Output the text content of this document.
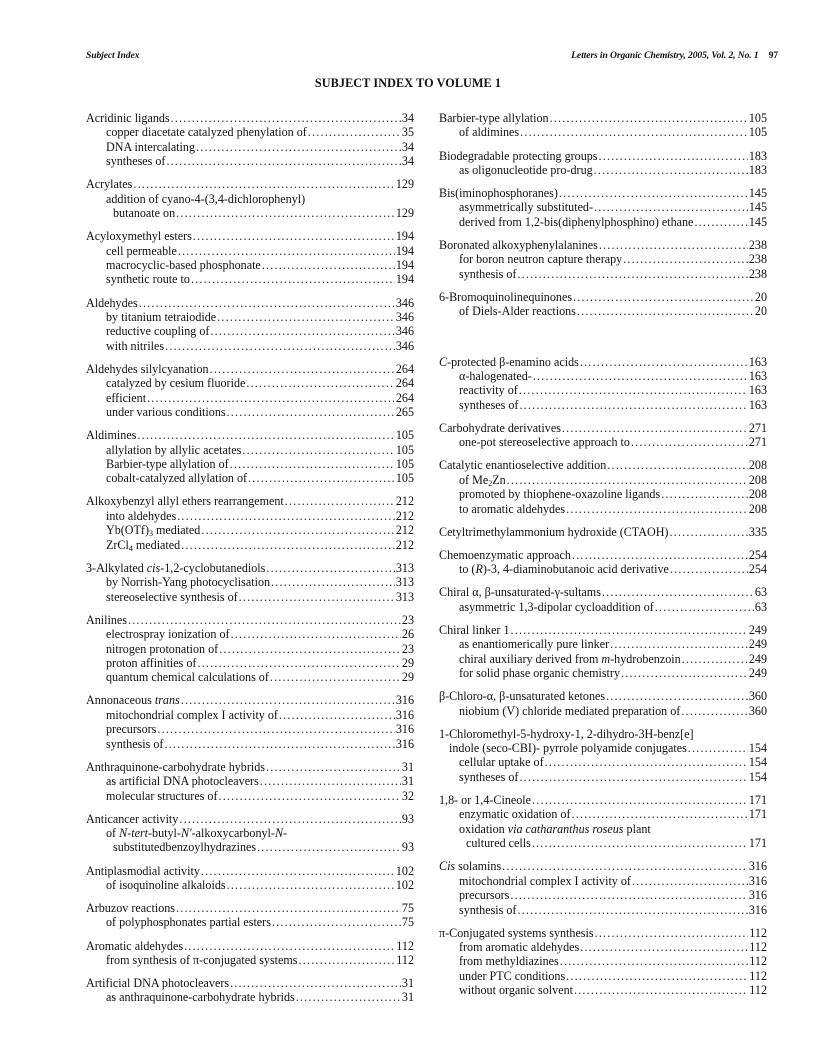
Subject Index	Letters in Organic Chemistry, 2005, Vol. 2, No. 1 97
SUBJECT INDEX TO VOLUME 1
Acridinic ligands .....	34
copper diacetate catalyzed phenylation of .....	35
DNA intercalating .....	34
syntheses of .....	34
Acrylates .....	129
addition of cyano-4-(3,4-dichlorophenyl)
butanoate on .....	129
Acyloxymethyl esters .....	194
cell permeable .....	194
macrocyclic-based phosphonate .....	194
synthetic route to .....	194
Aldehydes .....	346
by titanium tetraiodide .....	346
reductive coupling of .....	346
with nitriles .....	346
Aldehydes silylcyanation .....	264
catalyzed by cesium fluoride .....	264
efficient .....	264
under various conditions .....	265
Aldimines .....	105
allylation by allylic acetates .....	105
Barbier-type allylation of .....	105
cobalt-catalyzed allylation of .....	105
Alkoxybenzyl allyl ethers rearrangement .....	212
into aldehydes .....	212
$Yb(OTf)_3$ mediated .....	212
ZrCl$_4$ mediated .....	212
3-Alkylated cis-1,2-cyclobutanediols .....	313
by Norrish-Yang photocyclisation .....	313
stereoselective synthesis of .....	313
Anilines .....	23
electrospray ionization of .....	26
nitrogen protonation of .....	23
proton affinities of .....	29
quantum chemical calculations of .....	29
Annonaceous trans .....	316
mitochondrial complex I activity of .....	316
precursors .....	316
synthesis of .....	316
Anthraquinone-carbohydrate hybrids .....	31
as artificial DNA photocleavers .....	31
molecular structures of .....	32
Anticancer activity .....	93
of N-tert-butyl-N′-alkoxycarbonyl-N-
substitutedbenzoylhydrazines .....	93
Antiplasmodial activity .....	102
of isoquinoline alkaloids .....	102
Arbuzov reactions .....	75
of polyphosphonates partial esters .....	75
Aromatic aldehydes .....	112
from synthesis of π-conjugated systems .....	112
Artificial DNA photocleavers .....	31
as anthraquinone-carbohydrate hybrids .....	31
Barbier-type allylation .....	105
of aldimines .....	105
Biodegradable protecting groups .....	183
as oligonucleotide pro-drug .....	183
Bis(iminophosphoranes) .....	145
asymmetrically substituted- .....	145
derived from 1,2-bis(diphenylphosphino) ethane .....	145
Boronated alkoxyphenylalanines .....	238
for boron neutron capture therapy .....	238
synthesis of .....	238
6-Bromoquinolinequinones .....	20
of Diels-Alder reactions .....	20
C-protected β-enamino acids .....	163
α-halogenated- .....	163
reactivity of .....	163
syntheses of .....	163
Carbohydrate derivatives .....	271
one-pot stereoselective approach to .....	271
Catalytic enantioselective addition .....	208
of $Me_2Zn$ .....	208
promoted by thiophene-oxazoline ligands .....	208
to aromatic aldehydes .....	208
Cetyltrimethylammonium hydroxide (CTAOH) .....	335
Chemoenzymatic approach .....	254
to (R)-3, 4-diaminobutanoic acid derivative .....	254
Chiral α, β-unsaturated-γ-sultams .....	63
asymmetric 1,3-dipolar cycloaddition of .....	63
Chiral linker 1 .....	249
as enantiomerically pure linker .....	249
chiral auxiliary derived from m-hydrobenzoin .....	249
for solid phase organic chemistry .....	249
β-Chloro-α, β-unsaturated ketones .....	360
niobium (V) chloride mediated preparation of .....	360
1-Chloromethyl-5-hydroxy-1, 2-dihydro-3H-benz[e]
indole (seco-CBI)- pyrrole polyamide conjugates .....	154
cellular uptake of .....	154
syntheses of .....	154
1,8- or 1,4-Cineole .....	171
enzymatic oxidation of .....	171
oxidation via catharanthus roseus plant
cultured cells .....	171
Cis solamins .....	316
mitochondrial complex I activity of .....	316
precursors .....	316
synthesis of .....	316
π-Conjugated systems synthesis .....	112
from aromatic aldehydes .....	112
from methyldiazines .....	112
under PTC conditions .....	112
without organic solvent .....	112
